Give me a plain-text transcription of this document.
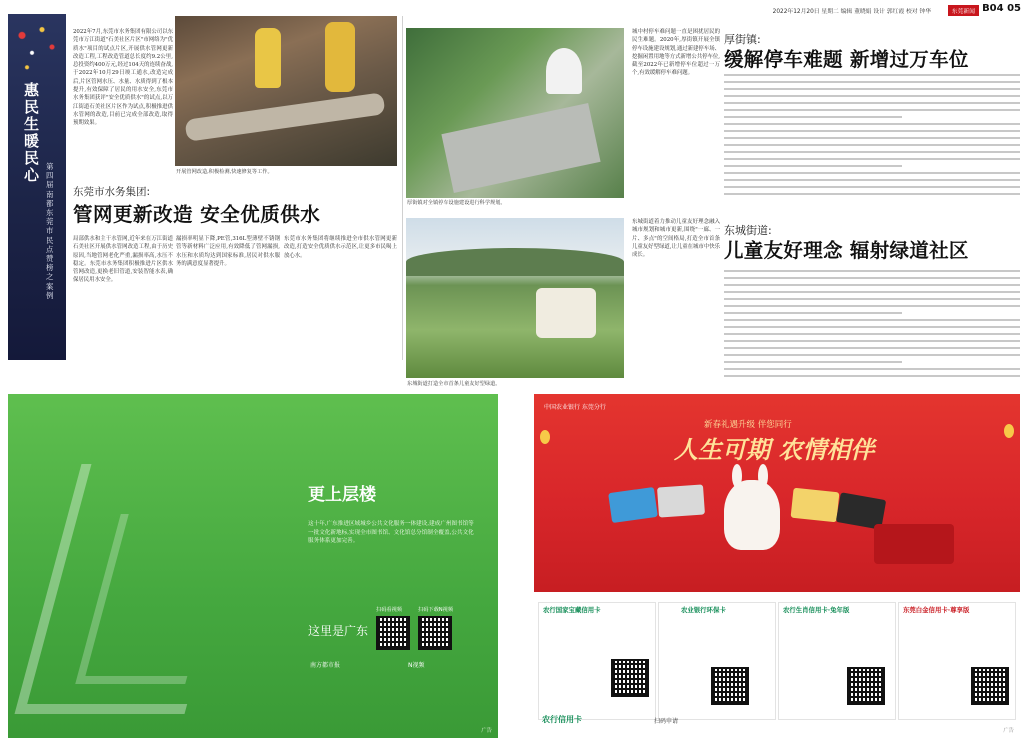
2022年12月20日 星期二 编辑 董晓娟 设计 郭红霞 校对 钟华	东莞新闻 B04 05
惠民生 暖民心 第四届南都东莞市民点赞榜之案例
2022年7月,东莞市水务集团有限公司以东莞市万江街道"石美社区片区"市网络为"优质水"项目的试点片区,开展供水管网更新改造工程,工程改造管道总长度约9.2公里,总投资约400万元,经过104天的连续奋战,于2022年10月29日竣工通水,改造完成后,片区管网水压、水量、水质得到了根本提升,有效保障了居民的用水安全,东莞市水务集团获评"安全优质供水"的试点,以万江街道石美社区片区作为试点,积极推进供水管网的改造,目前已完成全部改造,取得预期效果。
开展管网改造,积极检测,快速修复等工作。
东莞市水务集团:
管网更新改造 安全优质供水
局部供水和主干水管网,近年来在万江街道石美社区开展供水管网改造工程,由于历史原因,当地管网老化严重,漏损率高,水压不稳定。东莞市水务集团积极推进片区供水管网改造,更换老旧管道,安装智能水表,确保居民用水安全。
漏损率明显下降,PE管,316L型薄壁不锈钢管等新材料广泛应用,有效降低了管网漏损,水压和水质均达到国家标准,居民对供水服务的满意度显著提升。
东莞市水务集团将继续推进全市供水管网更新改造,打造安全优质供水示范区,让更多市民喝上放心水。
厚街镇对全镇停车设施建设进行科学规划。
城中村停车难问题一直是困扰居民的民生难题。2020年,厚街镇开展全镇停车设施建设规划,通过新建停车场、挖掘闲置用地等方式新增公共停车位,截至2022年已新增停车位超过一万个,有效缓解停车难问题。
厚街镇:
缓解停车难题 新增过万车位
东城街道打造全市首条儿童友好型绿道。
东城街道着力推动儿童友好理念融入城市规划和城市更新,围绕"一廊、一片、多点"的空间格局,打造全市首条儿童友好型绿道,让儿童在城市中快乐成长。
东城街道:
儿童友好理念 辐射绿道社区
更上层楼
这十年,广东推进区域城乡公共文化服务一体建设,建成广州图书馆等一批文化新地标,实现全市图书馆、文化馆总分馆制全覆盖,公共文化服务体系更加完善。
这里是广东
扫码看视频	扫码下载N视频
南方都市报	N视频
广告
中国农业银行 东莞分行
新春礼遇升级 伴您同行
人生可期 农情相伴
农行国家宝藏信用卡	农业银行环保卡	农行生肖信用卡·兔年版	东莞白金信用卡·尊享版
农行信用卡	扫码申请
广告
